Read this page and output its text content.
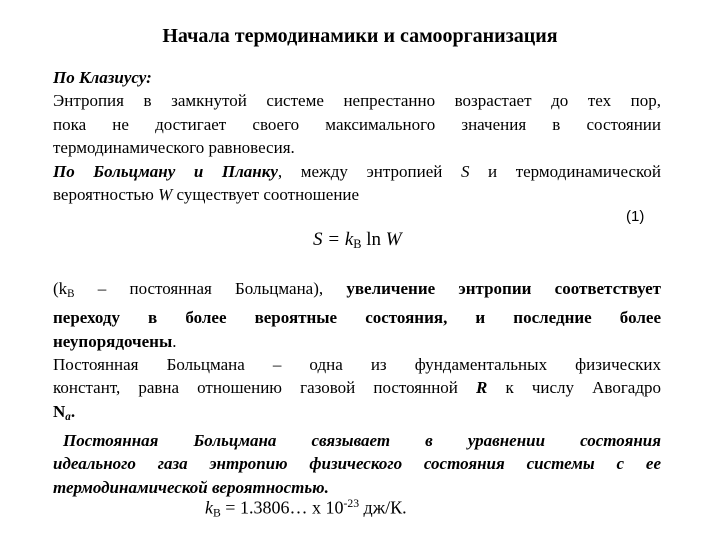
Начала термодинамики и самоорганизация

По Клазиусу:

Энтропия в замкнутой системе непрестанно возрастает до тех пор,

пока не достигает своего максимального значения в состоянии

термодинамического равновесия.

По Больцману и Планку, между энтропией S и термодинамической

вероятностью W существует соотношение

(1)
$S = k_B$ ln W

($k_B$ – постоянная Больцмана), увеличение энтропии соответствует

переходу в более вероятные состояния, и последние более

неупорядочены.

Постоянная Больцмана – одна из фундаментальных физических

констант, равна отношению газовой постоянной R к числу Авогадро

$N_a$.

Постоянная Больцмана связывает в уравнении состояния

идеального газа энтропию физического состояния системы с ее

термодинамической вероятностью.

$k_B$ = 1.3806… x $10^{-23}$ дж/К.
